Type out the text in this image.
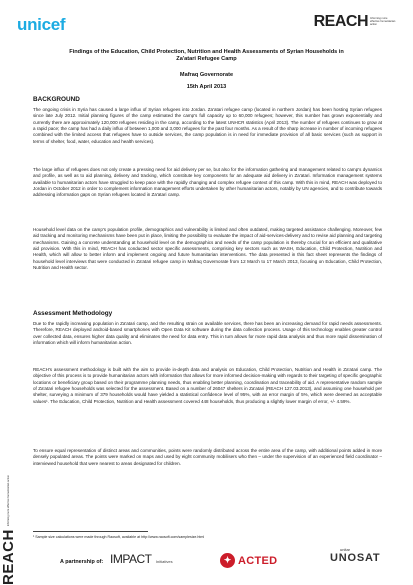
unicef	REACH Informing more effective humanitarian action
Findings of the Education, Child Protection, Nutrition and Health Assessments of Syrian Households in Za'atari Refugee Camp
Mafraq Governorate
15th April 2013
BACKGROUND

The ongoing crisis in Syria has caused a large influx of Syrian refugees into Jordan. Za'atari refugee camp (located in northern Jordan) has been hosting Syrian refugees since late July 2012. Initial planning figures of the camp estimated the camp's full capacity up to 60,000 refugees; however, this number has grown exponentially and currently there are approximately 120,000 refugees residing in the camp, according to the latest UNHCR statistics (April 2013). The number of refugees continues to grow at a rapid pace; the camp has had a daily influx of between 1,000 and 3,000 refugees for the past four months. As a result of the sharp increase in number of incoming refugees combined with the limited access that refugees have to outside services, the camp population is in need for immediate provision of all basic services (such as support in terms of shelter, food, water, education and health services).

The large influx of refugees does not only create a pressing need for aid delivery per se, but also for the information gathering and management related to camp's dynamics and profile, as well as to aid planning, delivery and tracking, which constitute key components for an adequate aid delivery in Za'atari. Information management systems available to humanitarian actors have struggled to keep pace with the rapidly changing and complex refugee context of this camp. With this in mind, REACH was deployed to Jordan in October 2012 in order to complement information management efforts undertaken by other humanitarian actors, notably by UN agencies, and to contribute towards addressing information gaps on Syrian refugees located in Za'atari camp.

Household level data on the camp's population profile, demographics and vulnerability is limited and often outdated, making targeted assistance challenging. Moreover, few aid tracking and monitoring mechanisms have been put in place, limiting the possibility to evaluate the impact of aid-services-delivery and to revise aid planning and targeting mechanisms. Gaining a concrete understanding at household level on the demographics and needs of the camp population is thereby crucial for an efficient and qualitative aid provision. With this in mind, REACH has conducted sector specific assessments, comprising key sectors such as WASH, Education, Child Protection, Nutrition and Health, which will allow to better inform and implement ongoing and future humanitarian interventions. The data presented in this fact sheet represents the findings of household level interviews that were conducted in Za'atari refugee camp in Mafraq Governorate from 12 March to 17 March 2013, focusing on Education, Child Protection, Nutrition and Health sector.

Assessment Methodology

Due to the rapidly increasing population in Za'atari camp, and the resulting strain on available services, there has been an increasing demand for rapid needs assessments. Therefore, REACH deployed android-based smartphones with Open Data Kit software during the data collection process. Usage of this technology enables greater control over collected data, ensures higher data quality and eliminates the need for data entry. This in turn allows for more rapid data analysis and thus more rapid dissemination of information which will inform humanitarian action.

REACH's assessment methodology is built with the aim to provide in-depth data and analysis on Education, Child Protection, Nutrition and Health in Za'atari camp. The objective of this process is to provide humanitarian actors with information that allows for more informed decision-making with regards to their targeting of specific geographic locations or beneficiary group based on their programme planning needs, thus enabling better planning, coordination and traceability of aid. A representative random sample of Za'atari refugee households was selected for the assessment. Based on a number of 26047 shelters in Za'atari (REACH 127.03.2013), and assuming one household per shelter, surveying a minimum of 379 households would have yielded a statistical confidence level of 95%, with an error margin of 5%, which were deemed as acceptable values¹. The Education, Child Protection, Nutrition and Health assessment covered 448 households, thus producing a slightly lower margin of error, +/- 4.59%.

To ensure equal representation of distinct areas and communities, points were randomly distributed across the entire area of the camp, with additional points added in more densely populated areas. The points were marked on maps and used by eight community mobilisers who then – under the supervision of an experienced field coordinator – interviewed household that were nearest to areas designated for children.

REACH
Informing more effective humanitarian action
¹ Sample size calculations were made through Raosoft, available at http://www.raosoft.com/samplesize.html
A partnership of: IMPACT Initiatives	✦ ACTED
unitar
UNOSAT
